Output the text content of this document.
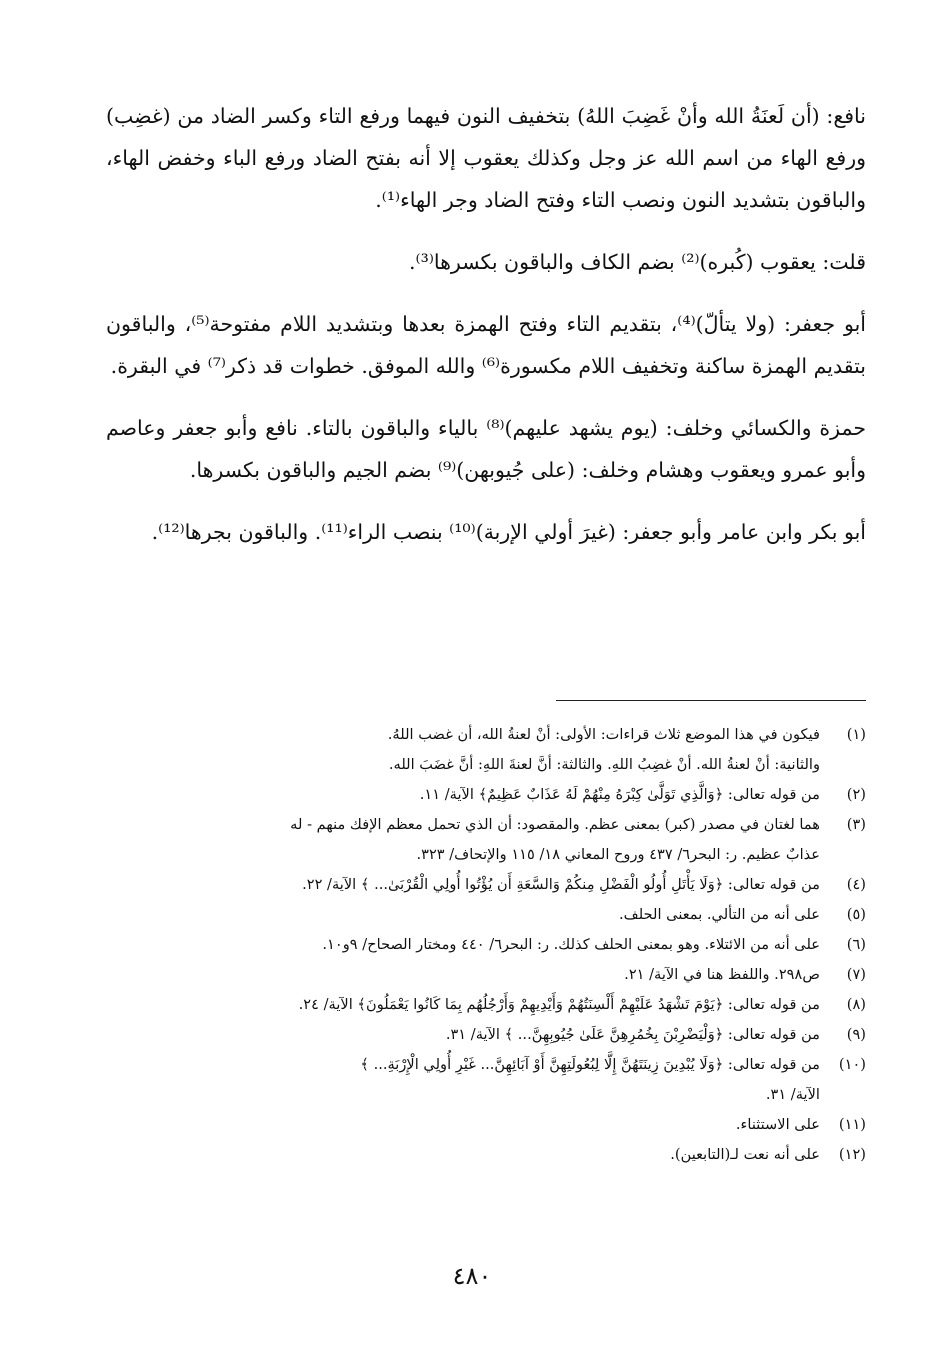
نافع: (أن لَعنَةُ الله وأنْ غَضِبَ اللهُ) بتخفيف النون فيهما ورفع التاء وكسر الضاد من (غضِب) ورفع الهاء من اسم الله عز وجل وكذلك يعقوب إلا أنه بفتح الضاد ورفع الباء وخفض الهاء، والباقون بتشديد النون ونصب التاء وفتح الضاد وجر الهاء⁽¹⁾.

قلت: يعقوب (كُبره)⁽²⁾ بضم الكاف والباقون بكسرها⁽³⁾.

أبو جعفر: (ولا يتألّ)⁽⁴⁾، بتقديم التاء وفتح الهمزة بعدها وبتشديد اللام مفتوحة⁽⁵⁾، والباقون بتقديم الهمزة ساكنة وتخفيف اللام مكسورة⁽⁶⁾ والله الموفق. خطوات قد ذكر⁽⁷⁾ في البقرة.

حمزة والكسائي وخلف: (يوم يشهد عليهم)⁽⁸⁾ بالياء والباقون بالتاء. نافع وأبو جعفر وعاصم وأبو عمرو ويعقوب وهشام وخلف: (على جُيوبهن)⁽⁹⁾ بضم الجيم والباقون بكسرها.

أبو بكر وابن عامر وأبو جعفر: (غيرَ أولي الإربة)⁽¹⁰⁾ بنصب الراء⁽¹¹⁾. والباقون بجرها⁽¹²⁾.

(١)
فيكون في هذا الموضع ثلاث قراءات: الأولى: أنْ لعنةُ الله، أن غضب اللهُ.
والثانية: أنْ لعنةُ الله. أنْ غضِبُ اللهِ. والثالثة: أنَّ لعنةَ اللهِ: أنَّ غضَبَ الله.
(٢)
من قوله تعالى: ﴿وَالَّذِي تَوَلَّىٰ كِبْرَهُ مِنْهُمْ لَهُ عَذَابٌ عَظِيمٌ﴾ الآية/ ١١.
(٣)
هما لغتان في مصدر (كبر) بمعنى عظم. والمقصود: أن الذي تحمل معظم الإفك منهم - له
عذابٌ عظيم. ر: البحر٦/ ٤٣٧ وروح المعاني ١٨/ ١١٥ والإتحاف/ ٣٢٣.
(٤)
من قوله تعالى: ﴿وَلَا يَأْتَلِ أُولُو الْفَضْلِ مِنكُمْ وَالسَّعَةِ أَن يُؤْتُوا أُولِي الْقُرْبَىٰ... ﴾ الآية/ ٢٢.
(٥)
على أنه من التألي. بمعنى الحلف.
(٦)
على أنه من الائتلاء. وهو بمعنى الحلف كذلك. ر: البحر٦/ ٤٤٠ ومختار الصحاح/ ٩و١٠.
(٧)
ص٢٩٨. واللفظ هنا في الآية/ ٢١.
(٨)
من قوله تعالى: ﴿يَوْمَ تَشْهَدُ عَلَيْهِمْ أَلْسِنَتُهُمْ وَأَيْدِيهِمْ وَأَرْجُلُهُم بِمَا كَانُوا يَعْمَلُونَ﴾ الآية/ ٢٤.
(٩)
من قوله تعالى: ﴿وَلْيَضْرِبْنَ بِخُمُرِهِنَّ عَلَىٰ جُيُوبِهِنَّ... ﴾ الآية/ ٣١.
(١٠)
من قوله تعالى: ﴿وَلَا يُبْدِينَ زِينَتَهُنَّ إِلَّا لِبُعُولَتِهِنَّ أَوْ آبَائِهِنَّ... غَيْرِ أُولِي الْإِرْبَةِ... ﴾
الآية/ ٣١.
(١١)
على الاستثناء.
(١٢)
على أنه نعت لـ(التابعين).
٤٨٠
